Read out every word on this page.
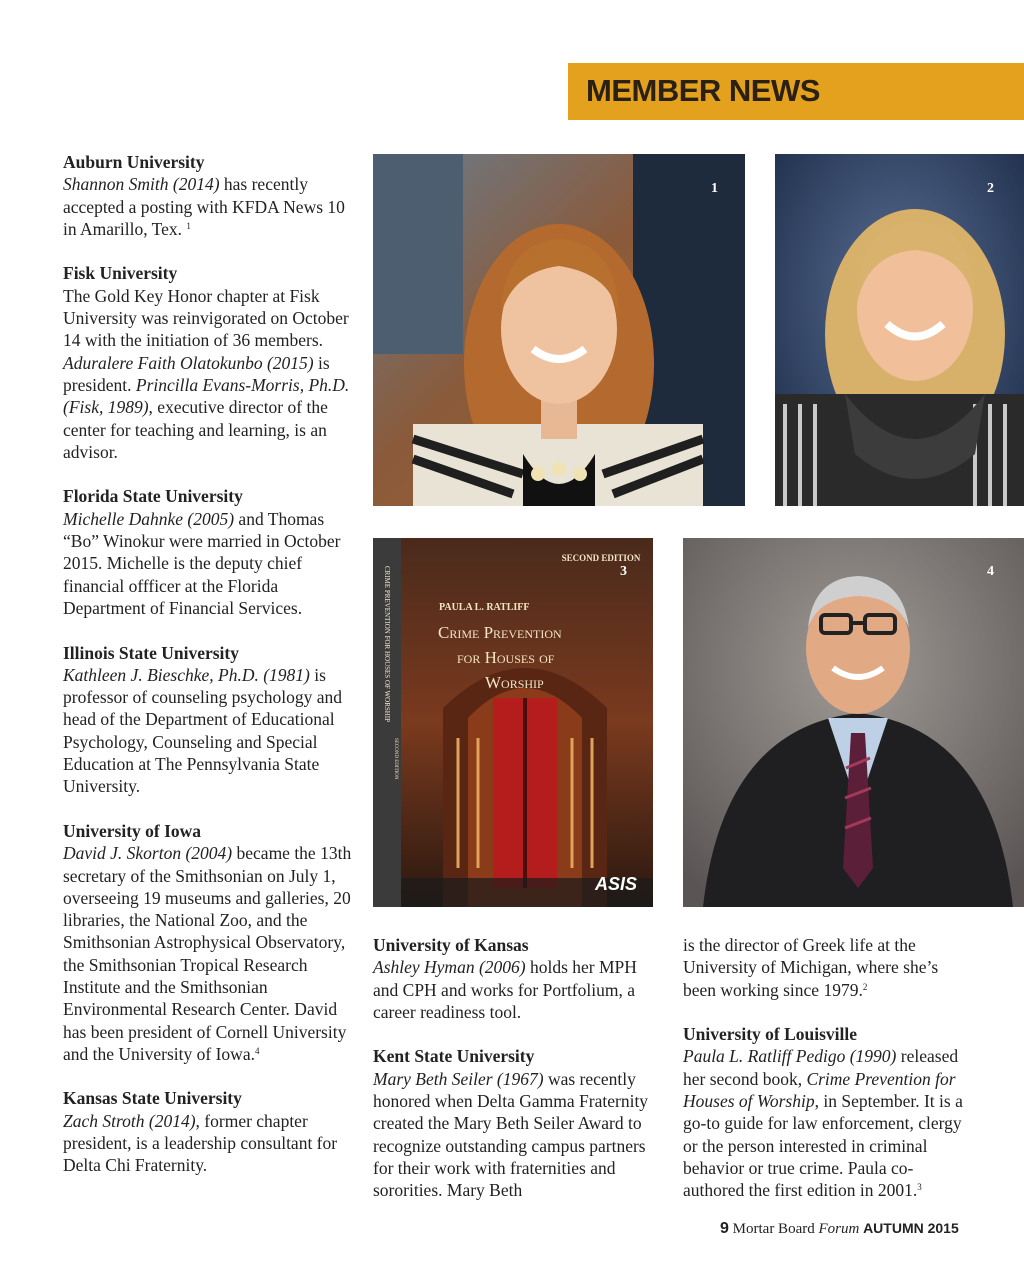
MEMBER NEWS

Auburn University
Shannon Smith (2014) has recently accepted a posting with KFDA News 10 in Amarillo, Tex. $^1$

Fisk University
The Gold Key Honor chapter at Fisk University was reinvigorated on October 14 with the initiation of 36 members. Aduralere Faith Olatokunbo (2015) is president. Princilla Evans-Morris, Ph.D. (Fisk, 1989), executive director of the center for teaching and learning, is an advisor.

Florida State University
Michelle Dahnke (2005) and Thomas “Bo” Winokur were married in October 2015. Michelle is the deputy chief financial offficer at the Florida Department of Financial Services.

Illinois State University
Kathleen J. Bieschke, Ph.D. (1981) is professor of counseling psychology and head of the Department of Educational Psychology, Counseling and Special Education at The Pennsylvania State University.

University of Iowa
David J. Skorton (2004) became the 13th secretary of the Smithsonian on July 1, overseeing 19 museums and galleries, 20 libraries, the National Zoo, and the Smithsonian Astrophysical Observatory, the Smithsonian Tropical Research Institute and the Smithsonian Environmental Research Center. David has been president of Cornell University and the University of Iowa.$^4$

Kansas State University
Zach Stroth (2014), former chapter president, is a leadership consultant for Delta Chi Fraternity.

1	2
SECOND EDITION
PAULA L. RATLIFF
Crime Prevention
for Houses of
Worship
CRIME PREVENTION FOR HOUSES OF WORSHIP
SECOND EDITION
ASIS
3	4

University of Kansas
Ashley Hyman (2006) holds her MPH and CPH and works for Portfolium, a career readiness tool.

Kent State University
Mary Beth Seiler (1967) was recently honored when Delta Gamma Fraternity created the Mary Beth Seiler Award to recognize outstanding campus partners for their work with fraternities and sororities. Mary Beth

is the director of Greek life at the University of Michigan, where she’s been working since 1979.$^2$

University of Louisville
Paula L. Ratliff Pedigo (1990) released her second book, Crime Prevention for Houses of Worship, in September. It is a go-to guide for law enforcement, clergy or the person interested in criminal behavior or true crime. Paula co-authored the first edition in 2001.$^3$

9 Mortar Board Forum AUTUMN 2015
